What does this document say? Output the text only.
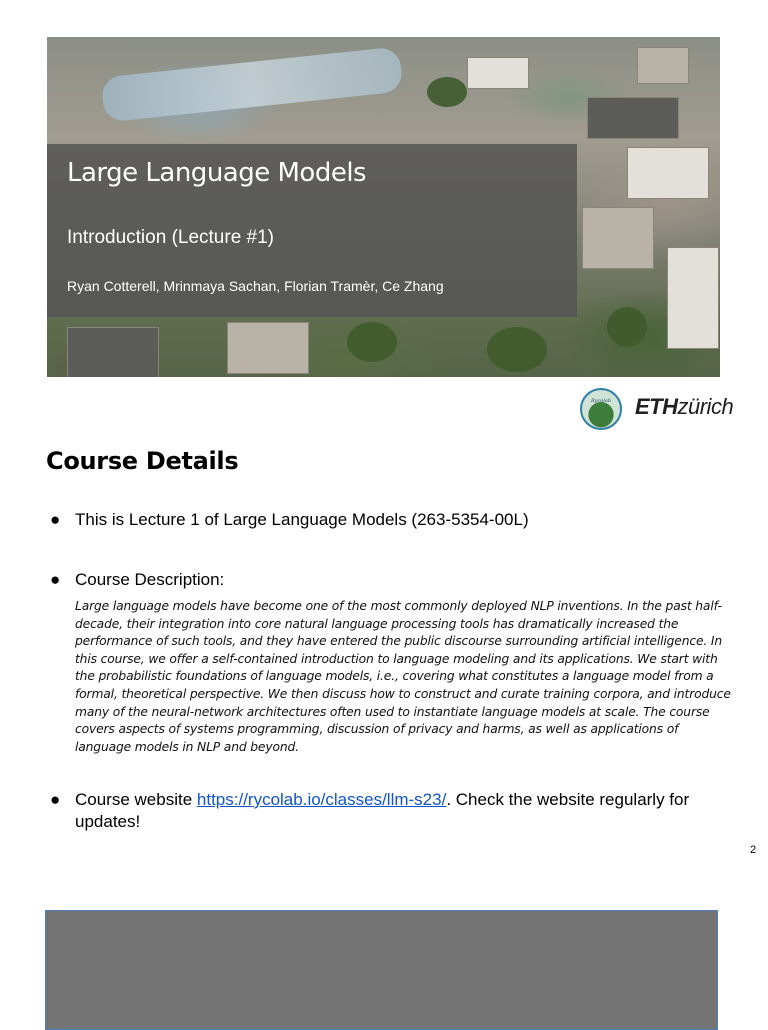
Large Language Models

Introduction (Lecture #1)

Ryan Cotterell, Mrinmaya Sachan, Florian Tramèr, Ce Zhang

Rycolab	ETHzürich
Course Details
● This is Lecture 1 of Large Language Models (263-5354-00L)
● Course Description:

Large language models have become one of the most commonly deployed NLP inventions. In the past half-decade, their integration into core natural language processing tools has dramatically increased the performance of such tools, and they have entered the public discourse surrounding artificial intelligence. In this course, we offer a self-contained introduction to language modeling and its applications. We start with the probabilistic foundations of language models, i.e., covering what constitutes a language model from a formal, theoretical perspective. We then discuss how to construct and curate training corpora, and introduce many of the neural-network architectures often used to instantiate language models at scale. The course covers aspects of systems programming, discussion of privacy and harms, as well as applications of language models in NLP and beyond.

● Course website https://rycolab.io/classes/llm-s23/. Check the website regularly for updates!
2
